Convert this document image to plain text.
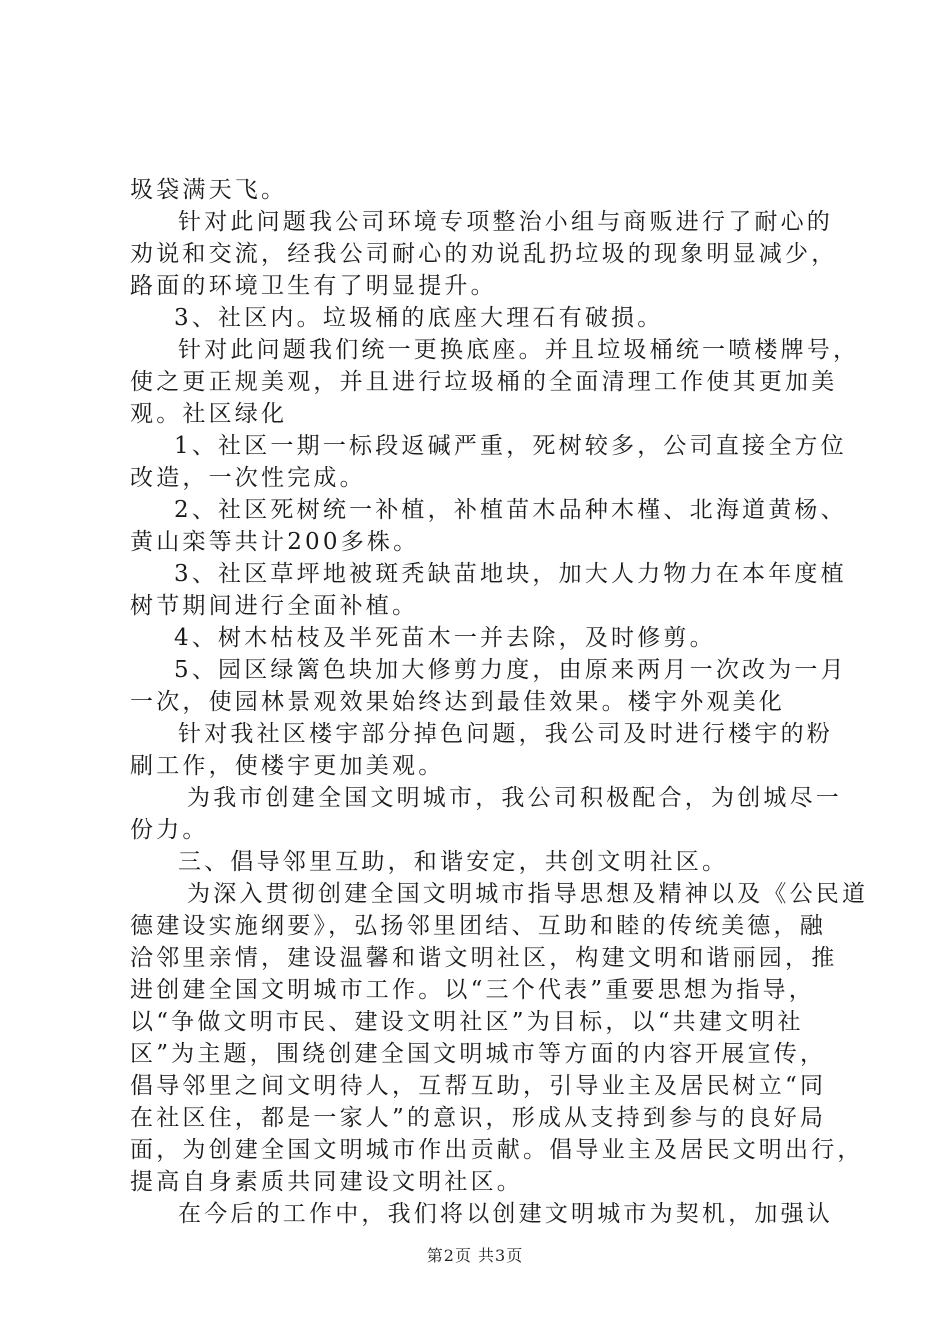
圾袋满天飞。
针对此问题我公司环境专项整治小组与商贩进行了耐心的
劝说和交流，经我公司耐心的劝说乱扔垃圾的现象明显减少，
路面的环境卫生有了明显提升。
3、社区内。垃圾桶的底座大理石有破损。
针对此问题我们统一更换底座。并且垃圾桶统一喷楼牌号，
使之更正规美观，并且进行垃圾桶的全面清理工作使其更加美
观。社区绿化
1、社区一期一标段返碱严重，死树较多，公司直接全方位
改造，一次性完成。
2、社区死树统一补植，补植苗木品种木槿、北海道黄杨、
黄山栾等共计200多株。
3、社区草坪地被斑秃缺苗地块，加大人力物力在本年度植
树节期间进行全面补植。
4、树木枯枝及半死苗木一并去除，及时修剪。
5、园区绿篱色块加大修剪力度，由原来两月一次改为一月
一次，使园林景观效果始终达到最佳效果。楼宇外观美化
针对我社区楼宇部分掉色问题，我公司及时进行楼宇的粉
刷工作，使楼宇更加美观。
为我市创建全国文明城市，我公司积极配合，为创城尽一
份力。
三、倡导邻里互助，和谐安定，共创文明社区。
为深入贯彻创建全国文明城市指导思想及精神以及《公民道
德建设实施纲要》，弘扬邻里团结、互助和睦的传统美德，融
洽邻里亲情，建设温馨和谐文明社区，构建文明和谐丽园，推
进创建全国文明城市工作。以“三个代表”重要思想为指导，
以“争做文明市民、建设文明社区”为目标，以“共建文明社
区”为主题，围绕创建全国文明城市等方面的内容开展宣传，
倡导邻里之间文明待人，互帮互助，引导业主及居民树立“同
在社区住，都是一家人”的意识，形成从支持到参与的良好局
面，为创建全国文明城市作出贡献。倡导业主及居民文明出行，
提高自身素质共同建设文明社区。
在今后的工作中，我们将以创建文明城市为契机，加强认
第2页 共3页
